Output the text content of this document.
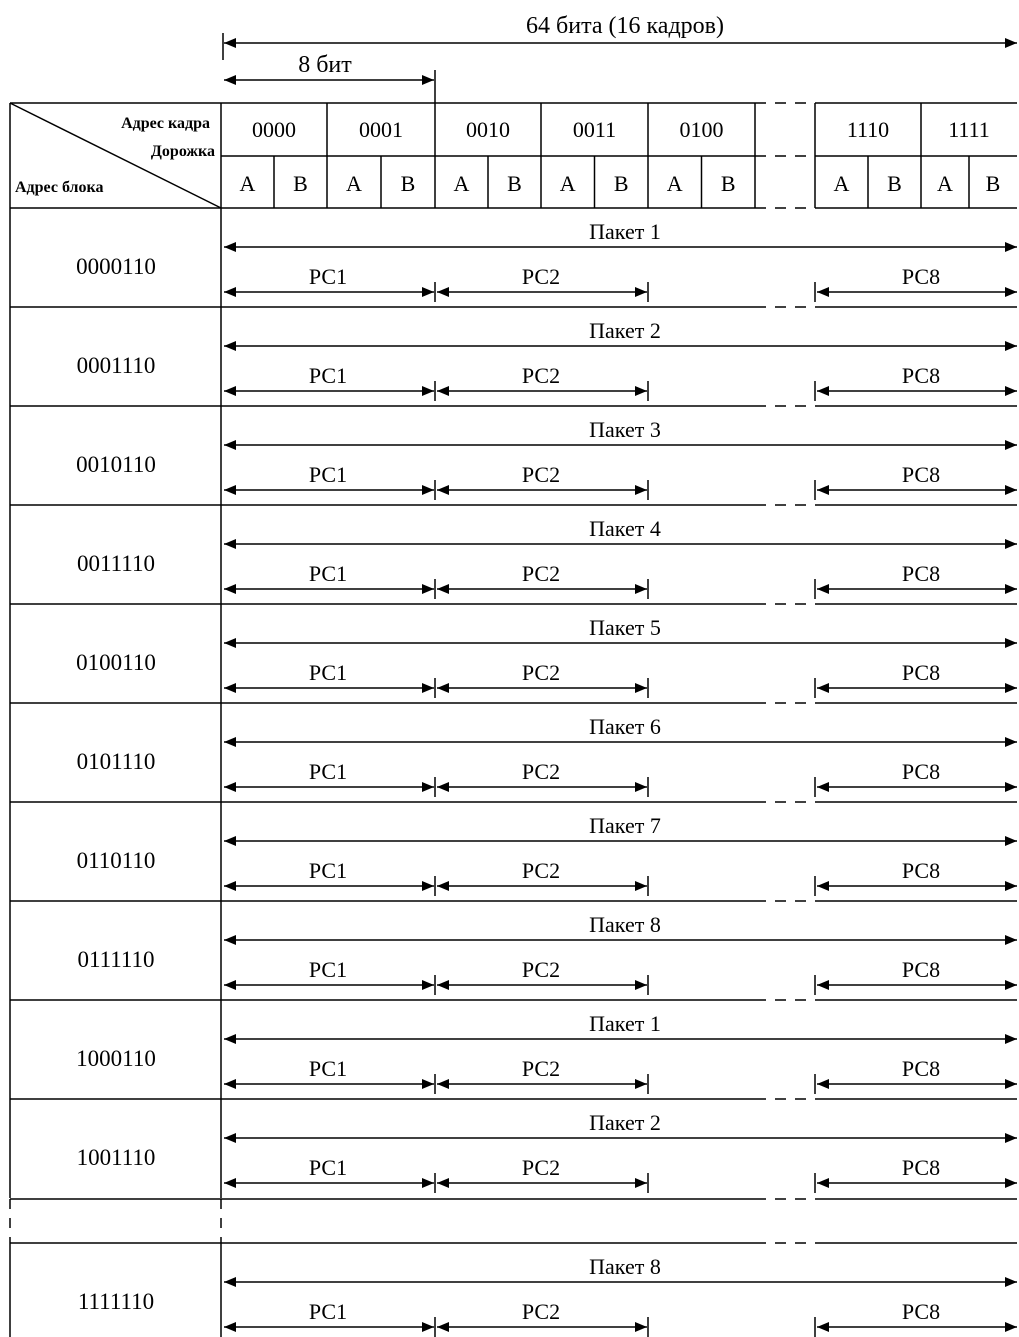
64 бита (16 кадров)
8 бит
Адрес кадра
Дорожка
Адрес блока
0000
A B
0001
A B
0010
A B
0011
A B
0100
A B
1110
A B
1111
A B
0000110
Пакет 1
РС1	РС2	РС8
0001110
Пакет 2
РС1	РС2	РС8
0010110
Пакет 3
РС1	РС2	РС8
0011110
Пакет 4
РС1	РС2	РС8
0100110
Пакет 5
РС1	РС2	РС8
0101110
Пакет 6
РС1	РС2	РС8
0110110
Пакет 7
РС1	РС2	РС8
0111110
Пакет 8
РС1	РС2	РС8
1000110
Пакет 1
РС1	РС2	РС8
1001110
Пакет 2
РС1	РС2	РС8
1111110
Пакет 8
РС1	РС2	РС8
